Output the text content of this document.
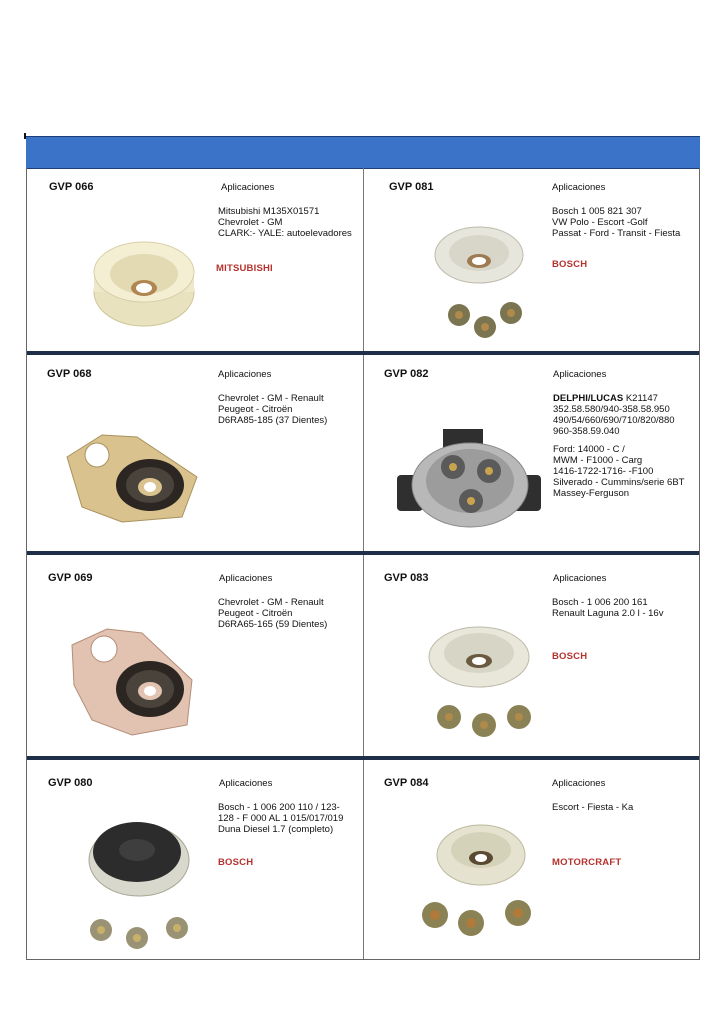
GVP 066	Aplicaciones
Mitsubishi M135X01571
Chevrolet - GM
CLARK:- YALE: autoelevadores
MITSUBISHI
GVP 081	Aplicaciones
Bosch 1 005 821 307
VW Polo - Escort -Golf
Passat - Ford - Transit - Fiesta
BOSCH
GVP 068	Aplicaciones
Chevrolet - GM - Renault
Peugeot - Citroën
D6RA85-185 (37 Dientes)
GVP 082	Aplicaciones
DELPHI/LUCAS K21147
352.58.580/940-358.58.950
490/54/660/690/710/820/880
960-358.59.040
Ford: 14000 - C /
MWM - F1000 - Carg
1416-1722-1716- -F100
Silverado - Cummins/serie 6BT
Massey-Ferguson
GVP 069	Aplicaciones
Chevrolet - GM - Renault
Peugeot - Citroën
D6RA65-165 (59 Dientes)
GVP 083	Aplicaciones
Bosch - 1 006 200 161
Renault Laguna 2.0 l - 16v
BOSCH
GVP 080	Aplicaciones
Bosch - 1 006 200 110 / 123-
128 - F 000 AL 1 015/017/019
Duna Diesel 1.7 (completo)
BOSCH
GVP 084	Aplicaciones
Escort - Fiesta - Ka
MOTORCRAFT
